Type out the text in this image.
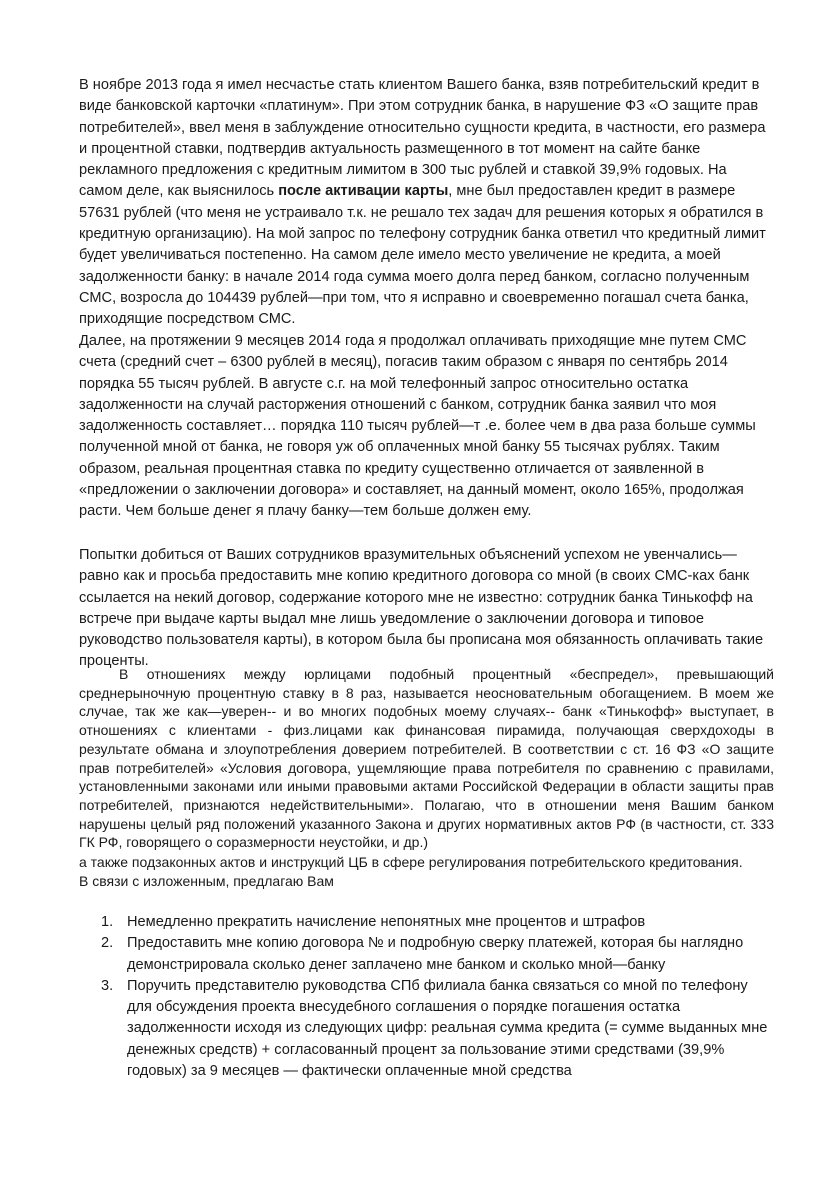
В ноябре 2013 года я имел несчастье стать клиентом Вашего банка, взяв потребительский кредит в виде банковской карточки «платинум». При этом сотрудник банка, в нарушение ФЗ «О защите прав потребителей», ввел меня в заблуждение относительно сущности кредита, в частности, его размера и процентной ставки, подтвердив актуальность размещенного в тот момент на сайте банке рекламного предложения с кредитным лимитом в 300 тыс рублей и ставкой 39,9% годовых. На самом деле, как выяснилось после активации карты, мне был предоставлен кредит в размере 57631 рублей (что меня не устраивало т.к. не решало тех задач для решения которых я обратился в кредитную организацию). На мой запрос по телефону сотрудник банка ответил что кредитный лимит будет увеличиваться постепенно. На самом деле имело место увеличение не кредита, а моей задолженности банку: в начале 2014 года сумма моего долга перед банком, согласно полученным СМС, возросла до 104439 рублей—при том, что я исправно и своевременно погашал счета банка, приходящие посредством СМС.

Далее, на протяжении 9 месяцев 2014 года я продолжал оплачивать приходящие мне путем СМС счета (средний счет – 6300 рублей в месяц), погасив таким образом с января по сентябрь 2014 порядка 55 тысяч рублей. В августе с.г. на мой телефонный запрос относительно остатка задолженности на случай расторжения отношений с банком, сотрудник банка заявил что моя задолженность составляет… порядка 110 тысяч рублей—т .е. более чем в два раза больше суммы полученной мной от банка, не говоря уж об оплаченных мной банку 55 тысячах рублях. Таким образом, реальная процентная ставка по кредиту существенно отличается от заявленной в «предложении о заключении договора» и составляет, на данный момент, около 165%, продолжая расти. Чем больше денег я плачу банку—тем больше должен ему.

Попытки добиться от Ваших сотрудников вразумительных объяснений успехом не увенчались—равно как и просьба предоставить мне копию кредитного договора со мной (в своих СМС-ках банк ссылается на некий договор, содержание которого мне не известно: сотрудник банка Тинькофф на встрече при выдаче карты выдал мне лишь уведомление о заключении договора и типовое руководство пользователя карты), в котором была бы прописана моя обязанность оплачивать такие проценты.

В отношениях между юрлицами подобный процентный «беспредел», превышающий среднерыночную процентную ставку в 8 раз, называется неосновательным обогащением. В моем же случае, так же как—уверен-- и во многих подобных моему случаях-- банк «Тинькофф» выступает, в отношениях с клиентами - физ.лицами как финансовая пирамида, получающая сверхдоходы в результате обмана и злоупотребления доверием потребителей. В соответствии с ст. 16 ФЗ «О защите прав потребителей» «Условия договора, ущемляющие права потребителя по сравнению с правилами, установленными законами или иными правовыми актами Российской Федерации в области защиты прав потребителей, признаются недействительными». Полагаю, что в отношении меня Вашим банком нарушены целый ряд положений указанного Закона и других нормативных актов РФ (в частности, ст. 333 ГК РФ, говорящего о соразмерности неустойки, и др.)

а также подзаконных актов и инструкций ЦБ в сфере регулирования потребительского кредитования.

В связи с изложенным, предлагаю Вам

1. Немедленно прекратить начисление непонятных мне процентов и штрафов
2. Предоставить мне копию договора № и подробную сверку платежей, которая бы наглядно демонстрировала сколько денег заплачено мне банком и сколько мной—банку
3. Поручить представителю руководства СПб филиала банка связаться со мной по телефону для обсуждения проекта внесудебного соглашения о порядке погашения остатка задолженности исходя из следующих цифр: реальная сумма кредита (= сумме выданных мне денежных средств) + согласованный процент за пользование этими средствами (39,9% годовых) за 9 месяцев — фактически оплаченные мной средства
